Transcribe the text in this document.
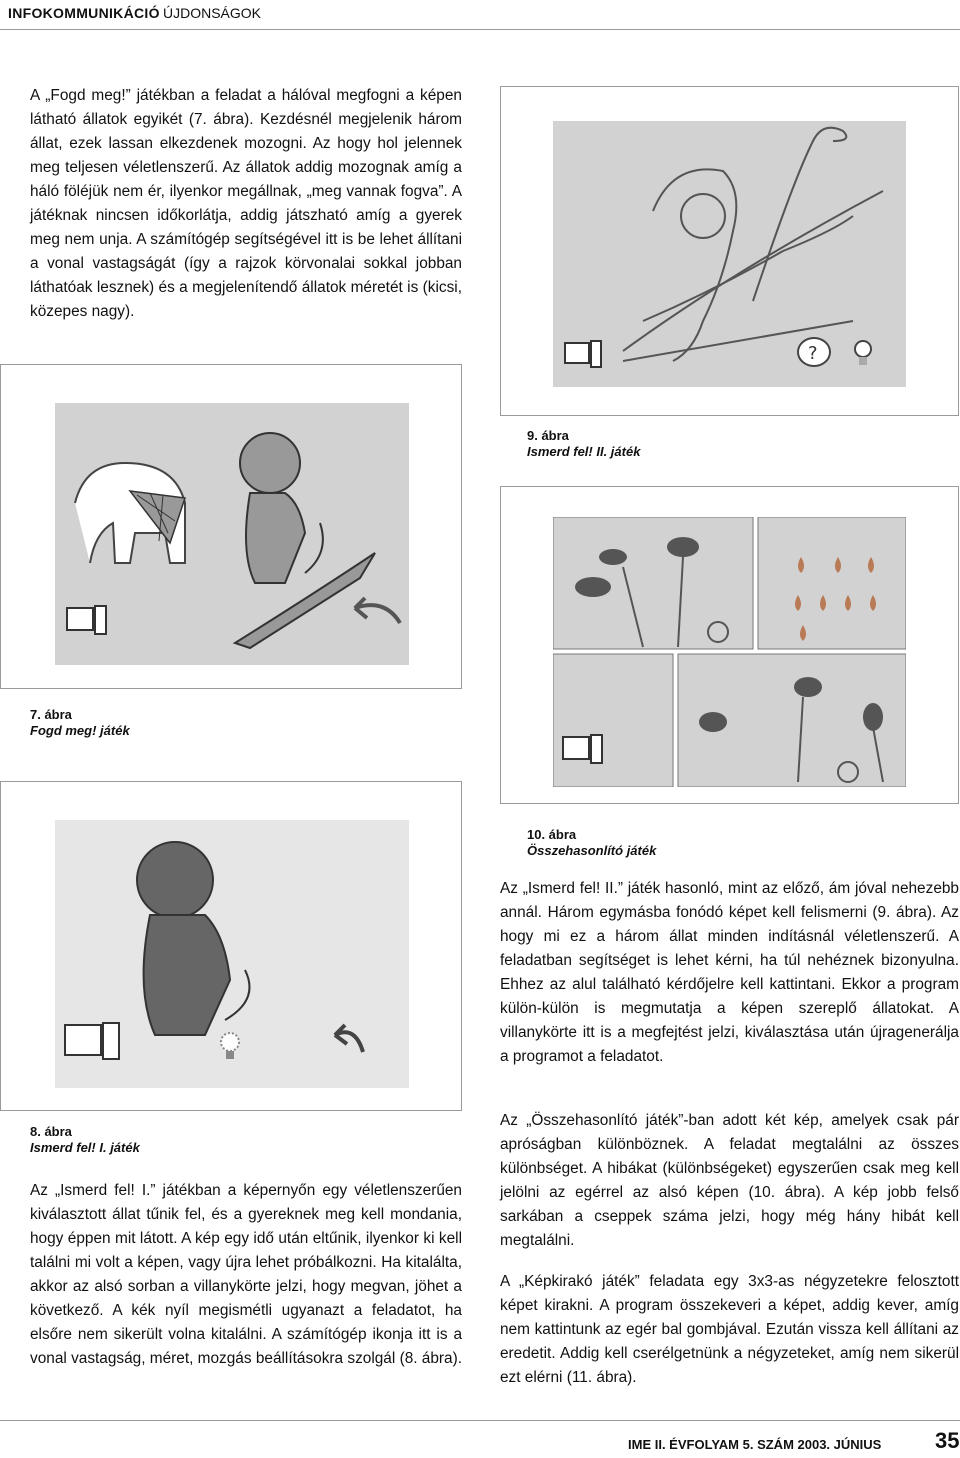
INFOKOMMUNIKÁCIÓ ÚJDONSÁGOK

A „Fogd meg!” játékban a feladat a hálóval megfogni a képen látható állatok egyikét (7. ábra). Kezdésnél megjelenik három állat, ezek lassan elkezdenek mozogni. Az hogy hol jelennek meg teljesen véletlenszerű. Az állatok addig mozognak amíg a háló föléjük nem ér, ilyenkor megállnak, „meg vannak fogva”. A játéknak nincsen időkorlátja, addig játszható amíg a gyerek meg nem unja. A számítógép segítségével itt is be lehet állítani a vonal vastagságát (így a rajzok körvonalai sokkal jobban láthatóak lesznek) és a megjelenítendő állatok méretét is (kicsi, közepes nagy).

?
9. ábra
Ismerd fel! II. játék
7. ábra
Fogd meg! játék
10. ábra
Összehasonlító játék

Az „Ismerd fel! II.” játék hasonló, mint az előző, ám jóval nehezebb annál. Három egymásba fonódó képet kell felismerni (9. ábra). Az hogy mi ez a három állat minden indításnál véletlenszerű. A feladatban segítséget is lehet kérni, ha túl nehéznek bizonyulna. Ehhez az alul található kérdőjelre kell kattintani. Ekkor a program külön-külön is megmutatja a képen szereplő állatokat. A villanykörte itt is a megfejtést jelzi, kiválasztása után újragenerálja a programot a feladatot.

8. ábra
Ismerd fel! I. játék

Az „Ismerd fel! I.” játékban a képernyőn egy véletlenszerűen kiválasztott állat tűnik fel, és a gyereknek meg kell mondania, hogy éppen mit látott. A kép egy idő után eltűnik, ilyenkor ki kell találni mi volt a képen, vagy újra lehet próbálkozni. Ha kitalálta, akkor az alsó sorban a villanykörte jelzi, hogy megvan, jöhet a következő. A kék nyíl megismétli ugyanazt a feladatot, ha elsőre nem sikerült volna kitalálni. A számítógép ikonja itt is a vonal vastagság, méret, mozgás beállításokra szolgál (8. ábra).

Az „Összehasonlító játék”-ban adott két kép, amelyek csak pár apróságban különböznek. A feladat megtalálni az összes különbséget. A hibákat (különbségeket) egyszerűen csak meg kell jelölni az egérrel az alsó képen (10. ábra). A kép jobb felső sarkában a cseppek száma jelzi, hogy még hány hibát kell megtalálni.

A „Képkirakó játék” feladata egy 3x3-as négyzetekre felosztott képet kirakni. A program összekeveri a képet, addig kever, amíg nem kattintunk az egér bal gombjával. Ezután vissza kell állítani az eredetit. Addig kell cserélgetnünk a négyzeteket, amíg nem sikerül ezt elérni (11. ábra).

IME II. ÉVFOLYAM 5. SZÁM 2003. JÚNIUS 35
